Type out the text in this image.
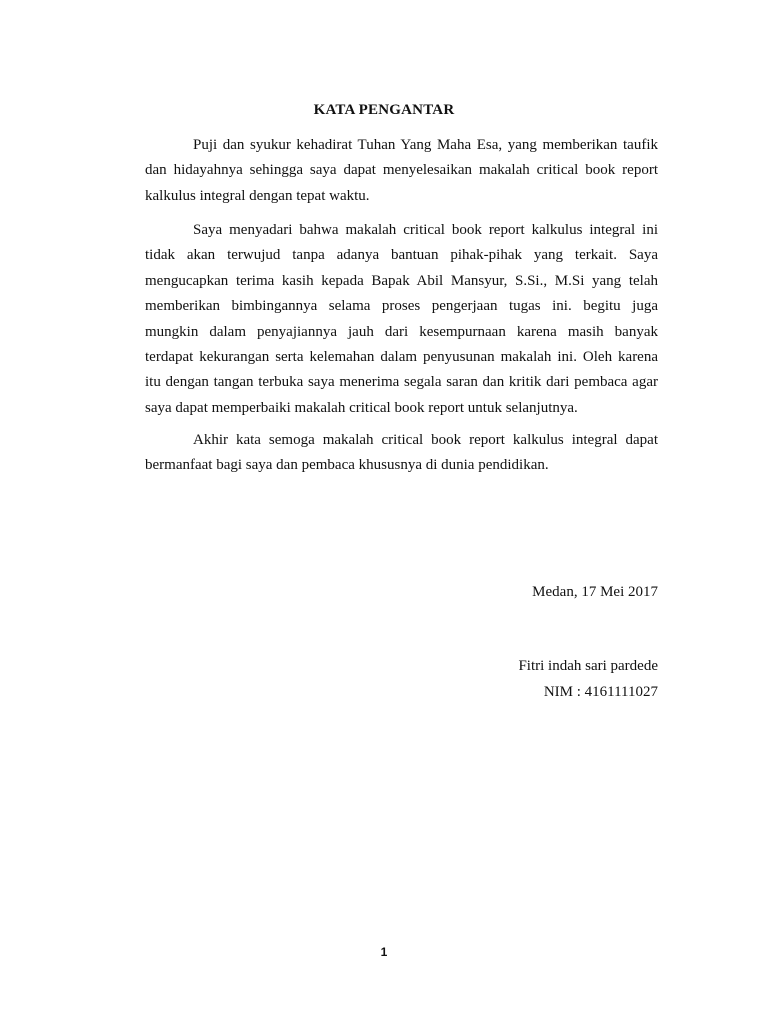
KATA PENGANTAR
Puji dan syukur kehadirat Tuhan Yang Maha Esa, yang memberikan taufik
dan hidayahnya sehingga saya dapat menyelesaikan makalah critical book report
kalkulus integral dengan tepat waktu.
Saya menyadari bahwa makalah critical book report kalkulus integral ini
tidak akan terwujud tanpa adanya bantuan pihak-pihak yang terkait. Saya
mengucapkan terima kasih kepada Bapak Abil Mansyur, S.Si., M.Si yang telah
memberikan bimbingannya selama proses pengerjaan tugas ini. begitu juga
mungkin dalam penyajiannya jauh dari kesempurnaan karena masih banyak
terdapat kekurangan serta kelemahan dalam penyusunan makalah ini. Oleh karena
itu dengan tangan terbuka saya menerima segala saran dan kritik dari pembaca agar
saya dapat memperbaiki makalah critical book report untuk selanjutnya.
Akhir kata semoga makalah critical book report kalkulus integral dapat
bermanfaat bagi saya dan pembaca khususnya di dunia pendidikan.
Medan, 17 Mei 2017
Fitri indah sari pardede
NIM : 4161111027
1
